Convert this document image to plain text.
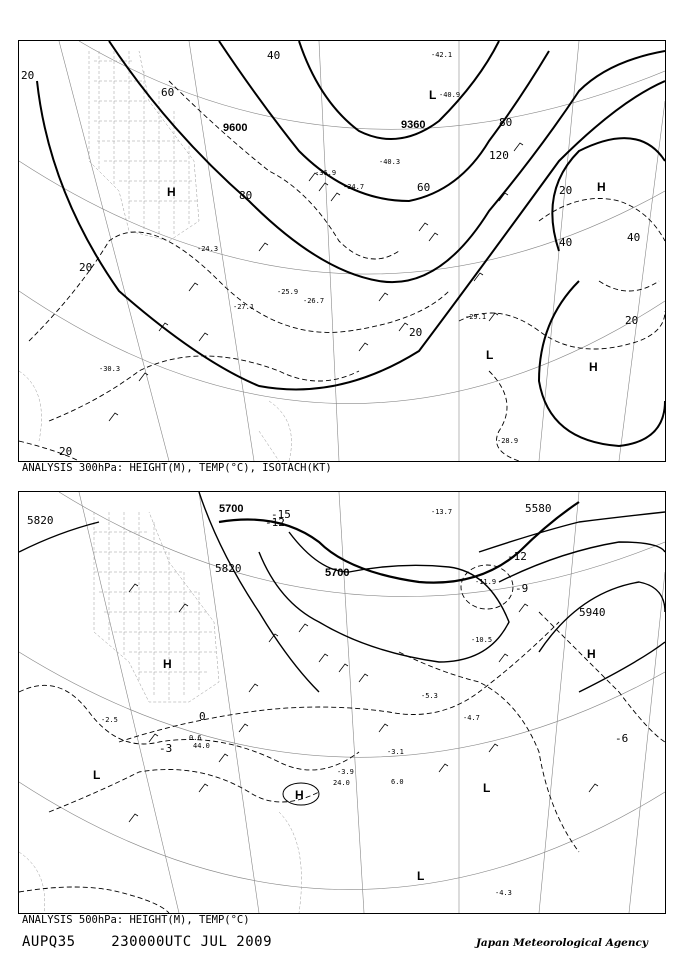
9600	9360
H	H
H
L
L
20
20
20
20
20
20
40
40
40
60
60
80
80
120
-24.3
-25.9
-26.7
-27.1
-28.9
-29.1
-30.3
-34.7
-36.9
-40.3
-40.9
-42.1
ANALYSIS 300hPa: HEIGHT(M), TEMP(°C), ISOTACH(KT)
5820
5820
5700
5700
5580
5940
H
H
H
L
L
L
-12
-12
-9
-6
-3
0
-15	-13.7
-11.9
-10.5
-5.3
-4.7
-4.3
-3.9
-3.1
-2.5
0.6
44.0
24.0	6.0
ANALYSIS 500hPa: HEIGHT(M), TEMP(°C)
AUPQ35	230000UTC JUL 2009	Japan Meteorological Agency
